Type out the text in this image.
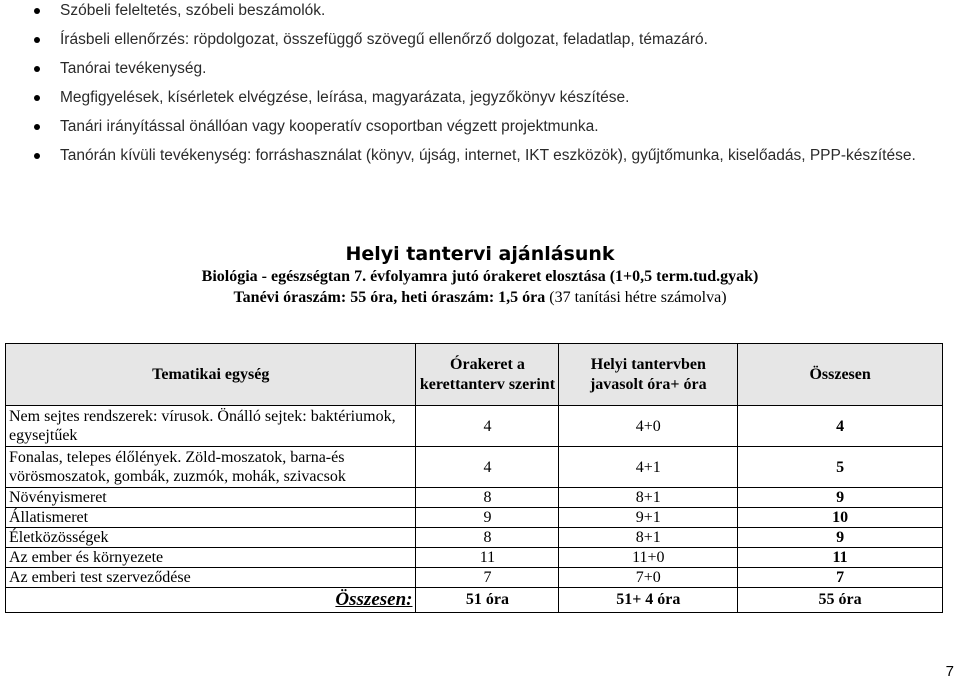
Szóbeli feleltetés, szóbeli beszámolók.
Írásbeli ellenőrzés: röpdolgozat, összefüggő szövegű ellenőrző dolgozat, feladatlap, témazáró.
Tanórai tevékenység.
Megfigyelések, kísérletek elvégzése, leírása, magyarázata, jegyzőkönyv készítése.
Tanári irányítással önállóan vagy kooperatív csoportban végzett projektmunka.
Tanórán kívüli tevékenység: forráshasználat (könyv, újság, internet, IKT eszközök), gyűjtőmunka, kiselőadás, PPP-készítése.
Helyi tantervi ajánlásunk
Biológia - egészségtan 7. évfolyamra jutó órakeret elosztása (1+0,5 term.tud.gyak)
Tanévi óraszám: 55 óra, heti óraszám: 1,5 óra (37 tanítási hétre számolva)
Tematikai egység	Órakeret a kerettanterv szerint	Helyi tantervben javasolt óra+ óra	Összesen
Nem sejtes rendszerek: vírusok. Önálló sejtek: baktériumok, egysejtűek	4	4+0	4
Fonalas, telepes élőlények. Zöld-moszatok, barna-és vörösmoszatok, gombák, zuzmók, mohák, szivacsok	4	4+1	5
Növényismeret	8	8+1	9
Állatismeret	9	9+1	10
Életközösségek	8	8+1	9
Az ember és környezete	11	11+0	11
Az emberi test szerveződése	7	7+0	7
Összesen:	51 óra	51+ 4 óra	55 óra
7
